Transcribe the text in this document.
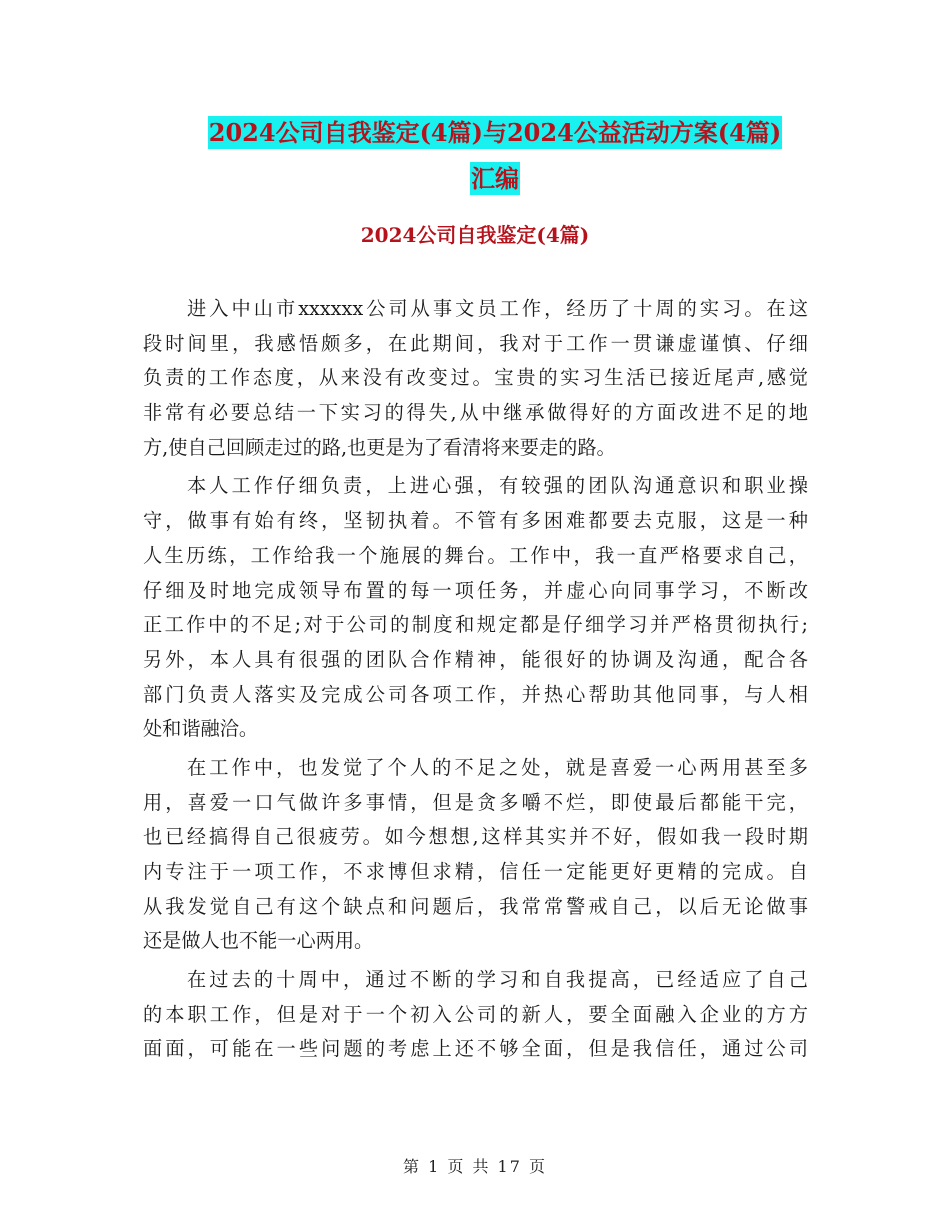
2024公司自我鉴定(4篇)与2024公益活动方案(4篇)
汇编
2024公司自我鉴定(4篇)
进入中山市xxxxxx公司从事文员工作，经历了十周的实习。在这
段时间里，我感悟颇多，在此期间，我对于工作一贯谦虚谨慎、仔细
负责的工作态度，从来没有改变过。宝贵的实习生活已接近尾声,感觉
非常有必要总结一下实习的得失,从中继承做得好的方面改进不足的地
方,使自己回顾走过的路,也更是为了看清将来要走的路。
本人工作仔细负责，上进心强，有较强的团队沟通意识和职业操
守，做事有始有终，坚韧执着。不管有多困难都要去克服，这是一种
人生历练，工作给我一个施展的舞台。工作中，我一直严格要求自己，
仔细及时地完成领导布置的每一项任务，并虚心向同事学习，不断改
正工作中的不足;对于公司的制度和规定都是仔细学习并严格贯彻执行;
另外，本人具有很强的团队合作精神，能很好的协调及沟通，配合各
部门负责人落实及完成公司各项工作，并热心帮助其他同事，与人相
处和谐融洽。
在工作中，也发觉了个人的不足之处，就是喜爱一心两用甚至多
用，喜爱一口气做许多事情，但是贪多嚼不烂，即使最后都能干完，
也已经搞得自己很疲劳。如今想想,这样其实并不好，假如我一段时期
内专注于一项工作，不求博但求精，信任一定能更好更精的完成。自
从我发觉自己有这个缺点和问题后，我常常警戒自己，以后无论做事
还是做人也不能一心两用。
在过去的十周中，通过不断的学习和自我提高，已经适应了自己
的本职工作，但是对于一个初入公司的新人，要全面融入企业的方方
面面，可能在一些问题的考虑上还不够全面，但是我信任，通过公司
第 1 页 共 17 页
